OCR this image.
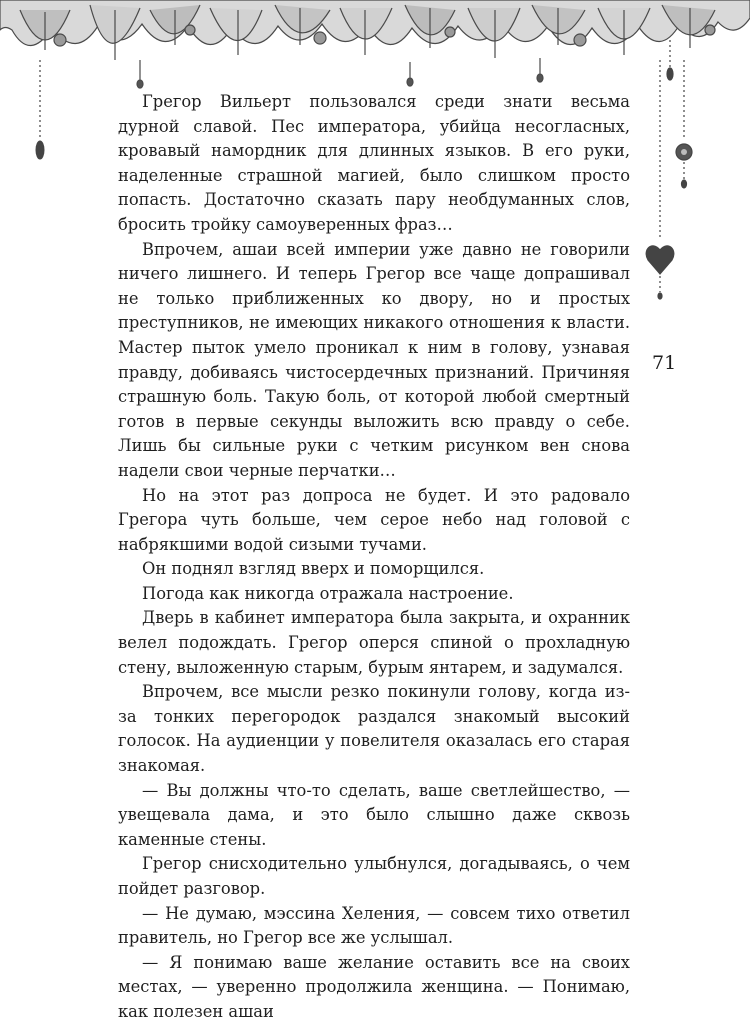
71

Грегор Вильерт пользовался среди знати весьма дурной славой. Пес императора, убийца несогласных, кровавый намордник для длинных языков. В его руки, наделенные страшной магией, было слишком просто попасть. Достаточно сказать пару необдуманных слов, бросить тройку самоуверенных фраз…

Впрочем, ашаи всей империи уже давно не говорили ничего лишнего. И теперь Грегор все чаще допрашивал не только приближенных ко двору, но и простых преступников, не имеющих никакого отношения к власти. Мастер пыток умело проникал к ним в голову, узнавая правду, добиваясь чистосердечных признаний. Причиняя страшную боль. Такую боль, от которой любой смертный готов в первые секунды выложить всю правду о себе. Лишь бы сильные руки с четким рисунком вен снова надели свои черные перчатки…

Но на этот раз допроса не будет. И это радовало Грегора чуть больше, чем серое небо над головой с набрякшими водой сизыми тучами.

Он поднял взгляд вверх и поморщился.

Погода как никогда отражала настроение.

Дверь в кабинет императора была закрыта, и охранник велел подождать. Грегор оперся спиной о прохладную стену, выложенную старым, бурым янтарем, и задумался.

Впрочем, все мысли резко покинули голову, когда из-за тонких перегородок раздался знакомый высокий голосок. На аудиенции у повелителя оказалась его старая знакомая.

— Вы должны что-то сделать, ваше светлейшество, — увещевала дама, и это было слышно даже сквозь каменные стены.

Грегор снисходительно улыбнулся, догадываясь, о чем пойдет разговор.

— Не думаю, мэссина Хеления, — совсем тихо ответил правитель, но Грегор все же услышал.

— Я понимаю ваше желание оставить все на своих местах, — уверенно продолжила женщина. — Понимаю, как полезен ашаи
